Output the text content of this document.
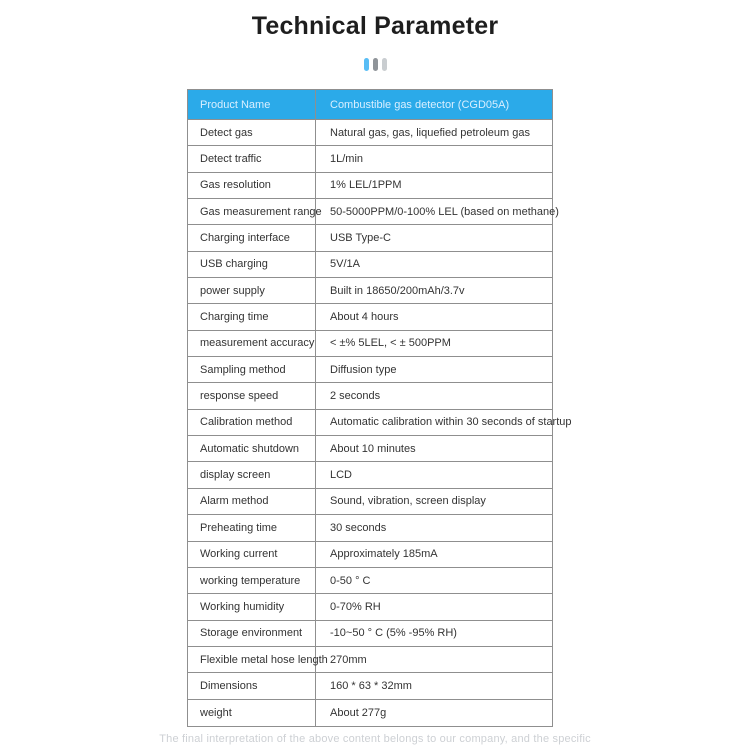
Technical Parameter
Product Name	Combustible gas detector (CGD05A)
Detect gas	Natural gas, gas, liquefied petroleum gas
Detect traffic	1L/min
Gas resolution	1% LEL/1PPM
Gas measurement range 50-5000PPM/0-100% LEL (based on methane)
Charging interface	USB Type-C
USB charging	5V/1A
power supply	Built in 18650/200mAh/3.7v
Charging time	About 4 hours
measurement accuracy	< ±% 5LEL, < ± 500PPM
Sampling method	Diffusion type
response speed	2 seconds
Calibration method	Automatic calibration within 30 seconds of startup
Automatic shutdown	About 10 minutes
display screen	LCD
Alarm method	Sound, vibration, screen display
Preheating time	30 seconds
Working current	Approximately 185mA
working temperature	0-50 ° C
Working humidity	0-70% RH
Storage environment	-10~50 ° C (5% -95% RH)
Flexible metal hose length 270mm
Dimensions	160 * 63 * 32mm
weight	About 277g
The final interpretation of the above content belongs to our company, and the specific
